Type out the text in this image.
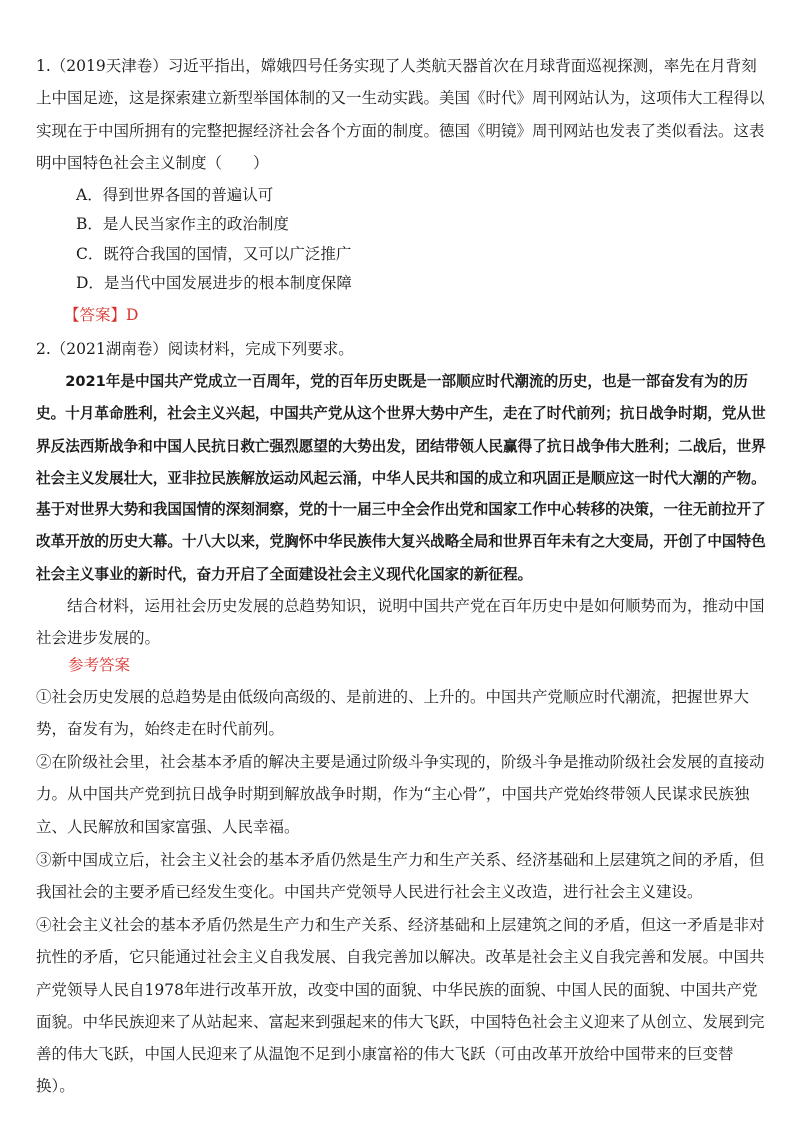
1.（2019天津卷）习近平指出，嫦娥四号任务实现了人类航天器首次在月球背面巡视探测，率先在月背刻上中国足迹，这是探索建立新型举国体制的又一生动实践。美国《时代》周刊网站认为，这项伟大工程得以实现在于中国所拥有的完整把握经济社会各个方面的制度。德国《明镜》周刊网站也发表了类似看法。这表明中国特色社会主义制度（　　）

A．得到世界各国的普遍认可

B．是人民当家作主的政治制度

C．既符合我国的国情，又可以广泛推广

D．是当代中国发展进步的根本制度保障

【答案】D

2.（2021湖南卷）阅读材料，完成下列要求。

2021年是中国共产党成立一百周年，党的百年历史既是一部顺应时代潮流的历史，也是一部奋发有为的历史。十月革命胜利，社会主义兴起，中国共产党从这个世界大势中产生，走在了时代前列；抗日战争时期，党从世界反法西斯战争和中国人民抗日救亡强烈愿望的大势出发，团结带领人民赢得了抗日战争伟大胜利；二战后，世界社会主义发展壮大，亚非拉民族解放运动风起云涌，中华人民共和国的成立和巩固正是顺应这一时代大潮的产物。

基于对世界大势和我国国情的深刻洞察，党的十一届三中全会作出党和国家工作中心转移的决策，一往无前拉开了改革开放的历史大幕。十八大以来，党胸怀中华民族伟大复兴战略全局和世界百年未有之大变局，开创了中国特色社会主义事业的新时代，奋力开启了全面建设社会主义现代化国家的新征程。

结合材料，运用社会历史发展的总趋势知识，说明中国共产党在百年历史中是如何顺势而为，推动中国社会进步发展的。

参考答案

①社会历史发展的总趋势是由低级向高级的、是前进的、上升的。中国共产党顺应时代潮流，把握世界大势，奋发有为，始终走在时代前列。

②在阶级社会里，社会基本矛盾的解决主要是通过阶级斗争实现的，阶级斗争是推动阶级社会发展的直接动力。从中国共产党到抗日战争时期到解放战争时期，作为“主心骨”，中国共产党始终带领人民谋求民族独立、人民解放和国家富强、人民幸福。

③新中国成立后，社会主义社会的基本矛盾仍然是生产力和生产关系、经济基础和上层建筑之间的矛盾，但我国社会的主要矛盾已经发生变化。中国共产党领导人民进行社会主义改造，进行社会主义建设。

④社会主义社会的基本矛盾仍然是生产力和生产关系、经济基础和上层建筑之间的矛盾，但这一矛盾是非对抗性的矛盾，它只能通过社会主义自我发展、自我完善加以解决。改革是社会主义自我完善和发展。中国共产党领导人民自1978年进行改革开放，改变中国的面貌、中华民族的面貌、中国人民的面貌、中国共产党面貌。中华民族迎来了从站起来、富起来到强起来的伟大飞跃，中国特色社会主义迎来了从创立、发展到完善的伟大飞跃，中国人民迎来了从温饱不足到小康富裕的伟大飞跃（可由改革开放给中国带来的巨变替换）。
